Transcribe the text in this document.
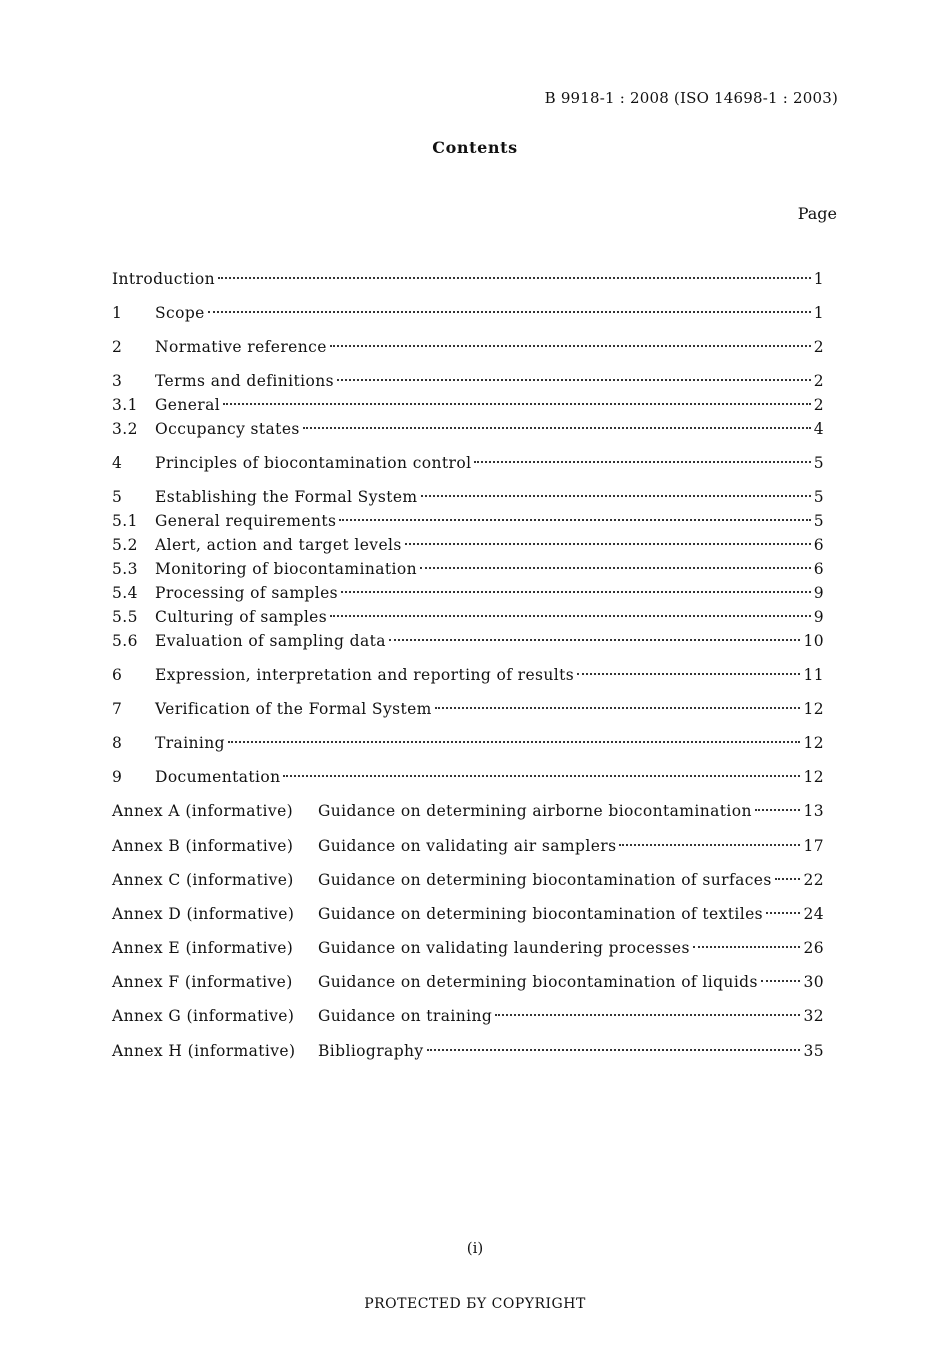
B 9918-1 : 2008 (ISO 14698-1 : 2003)
Contents
Page
Introduction	1
1	Scope	1
2	Normative reference	2
3	Terms and definitions	2
3.1	General	2
3.2	Occupancy states	4
4	Principles of biocontamination control	5
5	Establishing the Formal System	5
5.1	General requirements	5
5.2	Alert, action and target levels	6
5.3	Monitoring of biocontamination	6
5.4	Processing of samples	9
5.5	Culturing of samples	9
5.6	Evaluation of sampling data	10
6	Expression, interpretation and reporting of results	11
7	Verification of the Formal System	12
8	Training	12
9	Documentation	12
Annex A (informative)	Guidance on determining airborne biocontamination	13
Annex B (informative)	Guidance on validating air samplers	17
Annex C (informative)	Guidance on determining biocontamination of surfaces 22
Annex D (informative)	Guidance on determining biocontamination of textiles	24
Annex E (informative)	Guidance on validating laundering processes	26
Annex F (informative)	Guidance on determining biocontamination of liquids	30
Annex G (informative)	Guidance on training	32
Annex H (informative)	Bibliography	35
(i)
PROTECTED БY COPYRIGHT
